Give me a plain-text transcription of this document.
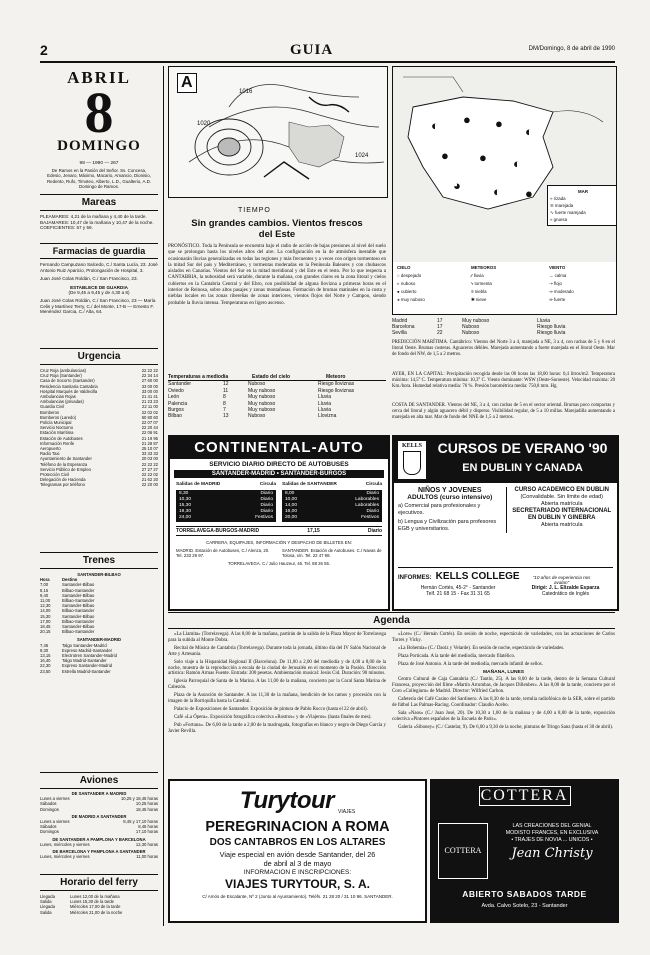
2	GUIA	DM/Domingo, 8 de abril de 1990
ABRIL
8
DOMINGO
98 — 1990 — 267
De Ramos en la Pasión del Señor. Ss. Concesa, Edesio, Jenaro, Máximo, Macario, Amancio, Dionisio, Redento, Rufo, Timoteo, Alberto, L.D., Gualterio, A.D. Domingo de Ramos.
Mareas
PLEAMARES: 4,21 de la mañana y 4,40 de la tarde. BAJAMARES: 10,47 de la mañana y 10,47 de la noche. COEFICIENTES: 57 y 59.
Farmacias de guardia
Fernando Campuzano Salcedo, C./ Santa Lucía, 23. José Antonio Ruiz Aparicio, Prolongación de Hospital, 3.
Juan José Colas Roldán, C./ San Francisco, 23.
ESTABLECE DE GUARDIA
(De 9,45 a 9,45 y de 4,30 a 8)
Juan José Colas Roldán, C./ San Francisco, 23 — María Celis y Martínez Terry, C./ del Monte, 17-B — Ernesto F. Menéndez Garcia, C./ Alta, 64.
Urgencia
Cruz Roja (ambulancias)	22 22 22
Cruz Roja (Santander)	22 34 14
Casa de Socorro (Santander)	27 60 00
Residencia Sanitaria Cantabria	33 00 00
Hospital Marqués de Valdecilla	33 00 00
Ambulancias Rojas	21 41 41
Ambulancias (privadas)	21 23 23
Guardia Civil	22 11 00
Bomberos	22 02 02
Bomberos (Laredo)	60 80 60
Policía Municipal	22 07 07
Servicio Nocturno	22 20 44
Estación Marítima	22 06 91
Estación de Autobuses	21 19 95
Información Renfe	21 28 87
Aeropuerto	25 10 07
Radio Taxi	33 33 33
Ayuntamiento de Santander	20 03 00
Teléfono de la Esperanza	22 22 22
Servicio Público de Empleo	27 27 27
Protección Civil	22 22 02
Delegación de Hacienda	21 62 20
Telegramas por teléfono	22 20 00
Trenes
SANTANDER-BILBAO
Hora	Destino
7,00	Santander-Bilbao
8,15	Bilbao-Santander
9,40	Santander-Bilbao
11,00	Bilbao-Santander
12,30	Santander-Bilbao
14,00	Bilbao-Santander
15,30	Santander-Bilbao
17,00	Bilbao-Santander
18,45	Santander-Bilbao
20,15	Bilbao-Santander
SANTANDER-MADRID
7,45	Talgo Santander-Madrid
9,30	Expreso Madrid-Santander
13,15	Electrotren Santander-Madrid
16,40	Talgo Madrid-Santander
22,30	Expreso Santander-Madrid
23,50	Estrella Madrid-Santander
Aviones
DE SANTANDER A MADRID
Lunes a viernes	10,25 y 18,45 horas
Sábados	10,25 horas
Domingos	18,45 horas
DE MADRID A SANTANDER
Lunes a viernes	8,45 y 17,10 horas
Sábados	8,45 horas
Domingos	17,10 horas
DE SANTANDER A PAMPLONA Y BARCELONA
Lunes, miércoles y viernes	12,30 horas
DE BARCELONA Y PAMPLONA A SANTANDER
Lunes, miércoles y viernes	11,00 horas
Horario del ferry
Llegada	Lunes 12,00 de la mañana
Salida	Lunes 15,30 de la tarde
Llegada	Miércoles 17,00 de la tarde
Salida	Miércoles 21,00 de la noche
A
1016
1020
1024
TIEMPO
Sin grandes cambios. Vientos frescos del Este
PRONÓSTICO. Toda la Península se encuentra bajo el radio de acción de bajas presiones al nivel del suelo que se prolongan hasta los niveles altos del aire. La configuración en la de atmósfera inestable que ocasionarán lluvias generalizadas en todas las regiones y más frecuentes y a veces con origen tormentoso en la mitad Sur del país y Mediterráneo, y tormentas moderadas en la Península Baleares y con chubascos aislados en Canarias. Vientos del Sur en la mitad meridional y del Este en el resto. Por lo que respecta a CANTABRIA, la nubosidad será variable, durante la mañana, con grandes claros en la zona litoral y cielos cubiertos en la Cantabria Central y del Ebro, con posibilidad de alguna llovizna a primeras horas en el interior de Reinosa, sobre altos pasajes y zonas montañosas. Formación de brumas matinales en la costa y nieblas locales en las zonas ribereñas de zonas interiores, vientos flojos del Norte y Campoo, siendo probable la lluvia intensa. Temperaturas en ligero ascenso.
Temperaturas a mediodía	Estado del cielo	Meteoro
Santander	12	Nuboso	Riesgo lloviznas
Oviedo	11	Muy nuboso	Riesgo lloviznas
León	8	Muy nuboso	Lluvia
Palencia	8	Muy nuboso	Lluvia
Burgos	7	Muy nuboso	Lluvia
Bilbao	13	Nuboso	Llovizna
◐ ● ●
◐
● ● ◐
◕ ◐ ●	MAR
≈ rizada
≋ marejada
∿ fuerte marejada
≈ gruesa
CIELO
○ despejado
◐ nuboso
● cubierto
◕ muy nuboso
METEOROS
⁄⁄ lluvia
ϟ tormenta
≡ niebla
✱ nieve
VIENTO
→ calma
⇢ flojo
⇒ moderado
⇛ fuerte
Madrid	17	Muy nuboso	Lluvia
Barcelona	17	Nuboso	Riesgo lluvia
Sevilla	22	Nuboso	Riesgo lluvia
PREDICCIÓN MARÍTIMA. Cantábrico: Vientos del Norte 3 a 4, marejada a NE, 3 a 4, con rachas de 5 y 6 en el litoral Oeste. Brumas costeras. Aguaceros débiles. Marejada aumentando a fuerte marejada en el litoral Oeste. Mar de fondo del NW, de 1,5 a 2 metros.
AYER, EN LA CAPITAL: Precipitación recogida desde las 00 horas las 18,00 horas: 0,4 litros/m2. Temperatura máxima: 14,5° C. Temperatura mínima: 10,3° C. Viento dominante: WSW (Oeste-Suroeste). Velocidad máxima: 20 Km./hora. Humedad relativa media: 76 %. Presión barométrica media: 750,8 mm. Hg.
COSTA DE SANTANDER. Vientos del NE, 3 a 4, con rachas de 5 en el sector oriental. Brumas poco compactas y cerca del litoral y algún aguacero débil y disperso. Visibilidad regular, de 5 a 10 millas. Marejadilla aumentando a marejada en alta mar. Mar de fondo del NNE de 1,5 a 2 metros.
CONTINENTAL-AUTO
SERVICIO DIARIO DIRECTO DE AUTOBUSES
SANTANDER-MADRID • SANTANDER-BURGOS
Salidas de MADRID	Circula
8,30	Diario
10,30	Diario
15,30	Diario
19,30	Diario
24,00	Festivos
Salidas de SANTANDER	Circula
8,00	Diario
10,00	Laborables
14,00	Laborables
16,00	Diario
20,00	Festivos
TORRELAVEGA-BURGOS-MADRID	17,15	Diario
CARRERA, EQUIPAJES, INFORMACIÓN Y DESPACHO DE BILLETES EN:
MADRID. Estación de Autobuses, C./ Alenza, 20. Tel. 233 29 97.
SANTANDER. Estación de Autobuses. C./ Navas de Tolosa, s/n. Tel. 22 47 98.
TORRELAVEGA. C./ Julio Hauzeur, 46. Tel. 88 26 55.
KELLS	CURSOS DE VERANO '90
EN DUBLIN Y CANADA
NIÑOS Y JOVENES
ADULTOS (curso intensivo)
a) Comercial para profesionales y ejecutivos.
b) Lengua y Civilización para profesores EGB y universitarios.
CURSO ACADEMICO EN DUBLIN
(Convalidable. Sin límite de edad)
Abierta matrícula
SECRETARIADO INTERNACIONAL
EN DUBLIN Y GINEBRA
Abierta matrícula
INFORMES: KELLS COLLEGE	"10 años de experiencia nos avalan"
Hernán Cortés, 45-2° - Santander
Telf. 21 68 15 - Fax 31 31 65
Dirigé: J. L. Elizalde Esparza
Catedrático de Inglés
Agenda
«La Llamita» (Torrelavega). A las 8,00 de la mañana, partirán de la salida de la Plaza Mayor de Torrelavega para la subida al Monte Dobra.
Recital de Música de Cantabria (Torrelavega). Durante toda la jornada, último día del IV Salón Nacional de Arte y Artesanía.
Solo viaje a la Hispanidad Regional II (Barcelona). De 11,00 a 2,00 del mediodía y de 4,00 a 8,00 de la noche, muestra de la reproducción a escala de la ciudad de Jerusalén en el momento de la Pasión. Dirección artística: Ramón Armas Fuente. Entrada: 200 pesetas. Ambientación musical: Jesús Cid. Duración: 90 minutos.
Iglesia Parroquial de Santa de la Marina. A las 11,00 de la mañana, concierto por la Coral Santa Marina de Cabezón.
Plaza de la Asunción de Santander. A las 11,30 de la mañana, bendición de los ramos y procesión con la imagen de la Borriquilla hasta la Catedral.
Palacio de Exposiciones de Santander. Exposición de pintura de Pablo Rocco (hasta el 22 de abril).
Café «La Ópera». Exposición fotográfica colectiva «Rostros» y de «Viajeros» (hasta finales de mes).
Pub «Fortuna». De 6,00 de la tarde a 2,00 de la madrugada, fotografías en blanco y negro de Diego García y Javier Revilla.
«Lore» (C./ Hernán Cortés). En sesión de noche, espectáculo de variedades, con las actuaciones de Carlos Torres y Vicky.
«La Bohemia» (C./ Daoiz y Velarde). En sesión de noche, espectáculo de variedades.
Plaza Porticada. A la tarde del mediodía, mercado filatélico.
Plaza de José Antonio. A la tarde del mediodía, mercado infantil de sellos.
MAÑANA, LUNES
Centro Cultural de Caja Cantabria (C./ Tantín, 25). A las 8,00 de la tarde, dentro de la Semana Cultural Francesa, proyección del filme «Martín Arrumbas, de Jacques Dillenber». A las 8,00 de la tarde, concierto por el Coro «Collegium» de Madrid. Director: Wilfried Carbon.
Cafetería del Café Casino del Sardinero. A las 8,30 de la tarde, tertulia radiofónica de la SER, sobre el partido de fútbol Las Palmas-Racing. Coordinador: Claudio Acebo.
Sala «Naos» (C./ Juan José, 20). De 10,30 a 1,00 de la mañana y de 4,00 a 8,00 de la tarde, exposición colectiva «Pintores españoles de la Escuela de París».
Galería «Siboney» (C./ Castelar, 9). De 6,00 a 9,30 de la noche, pinturas de Tringo Sanz (hasta el 30 de abril).
Turytour VIAJES
PEREGRINACION A ROMA
DOS CANTABROS EN LOS ALTARES
Viaje especial en avión desde Santander, del 26
de abril al 3 de mayo
INFORMACION E INSCRIPCIONES:
VIAJES TURYTOUR, S. A.
C/ Amós de Escalante, Nº 2 (Junto al Ayuntamiento). Teléfs. 21 28 20 / 31 10 96. SANTANDER.
COTTERA
COTTERA
LAS CREACIONES DEL GENIAL
MODISTO FRANCES, EN EXCLUSIVA
• TRAJES DE NOVIA ... UNICOS •
Jean Christy
ABIERTO SABADOS TARDE
Avda. Calvo Sotelo, 23 - Santander
